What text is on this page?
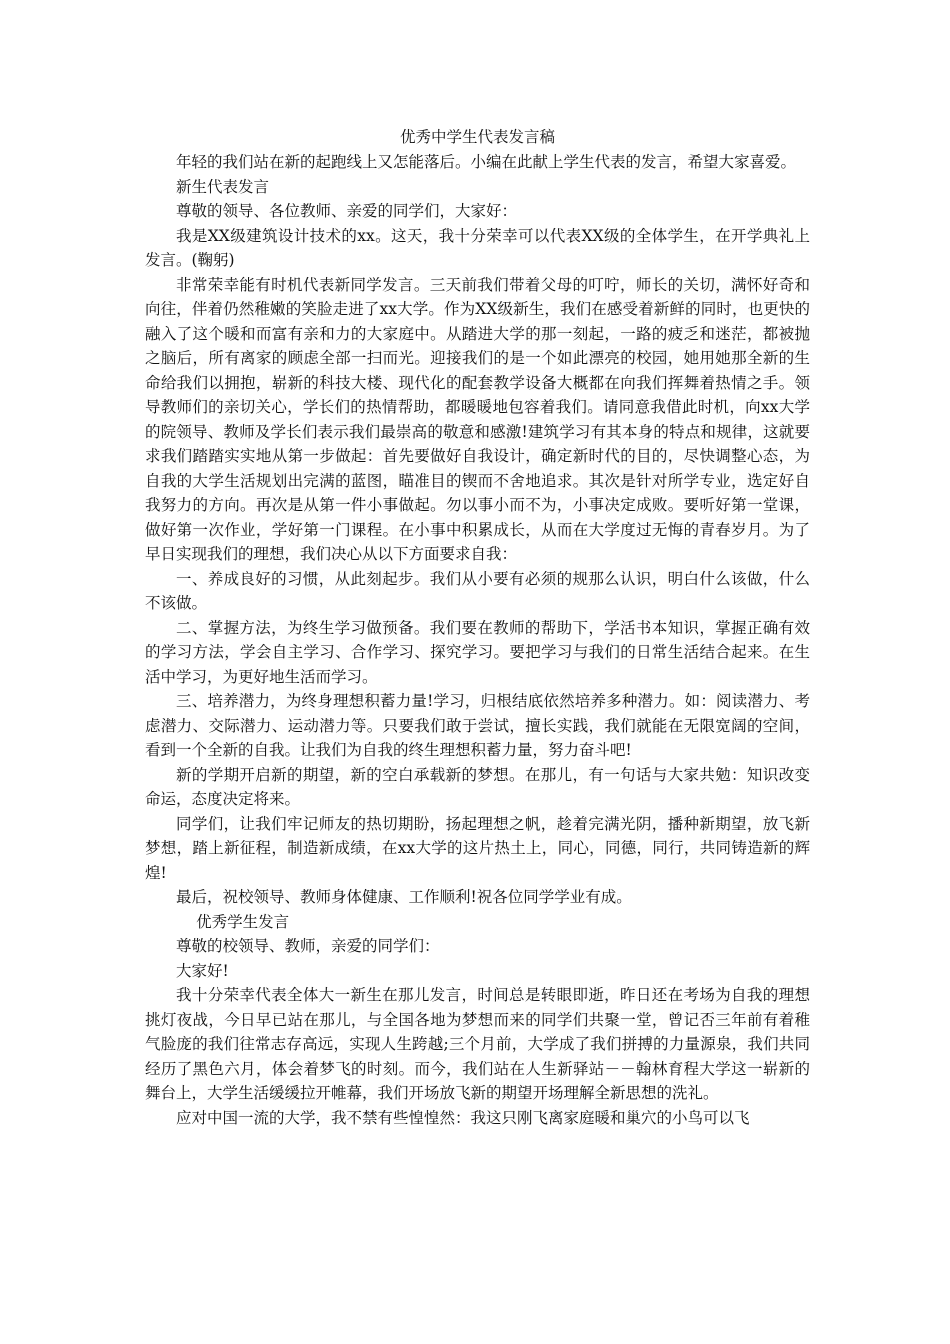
优秀中学生代表发言稿

年轻的我们站在新的起跑线上又怎能落后。小编在此献上学生代表的发言，希望大家喜爱。

新生代表发言

尊敬的领导、各位教师、亲爱的同学们，大家好：

我是XX级建筑设计技术的xx。这天，我十分荣幸可以代表XX级的全体学生，在开学典礼上发言。(鞠躬)

非常荣幸能有时机代表新同学发言。三天前我们带着父母的叮咛，师长的关切，满怀好奇和向往，伴着仍然稚嫩的笑脸走进了xx大学。作为XX级新生，我们在感受着新鲜的同时，也更快的融入了这个暖和而富有亲和力的大家庭中。从踏进大学的那一刻起，一路的疲乏和迷茫，都被抛之脑后，所有离家的顾虑全部一扫而光。迎接我们的是一个如此漂亮的校园，她用她那全新的生命给我们以拥抱，崭新的科技大楼、现代化的配套教学设备大概都在向我们挥舞着热情之手。领导教师们的亲切关心，学长们的热情帮助，都暖暖地包容着我们。请同意我借此时机，向xx大学的院领导、教师及学长们表示我们最崇高的敬意和感激!建筑学习有其本身的特点和规律，这就要求我们踏踏实实地从第一步做起：首先要做好自我设计，确定新时代的目的，尽快调整心态，为自我的大学生活规划出完满的蓝图，瞄准目的锲而不舍地追求。其次是针对所学专业，选定好自我努力的方向。再次是从第一件小事做起。勿以事小而不为，小事决定成败。要听好第一堂课，做好第一次作业，学好第一门课程。在小事中积累成长，从而在大学度过无悔的青春岁月。为了早日实现我们的理想，我们决心从以下方面要求自我：

一、养成良好的习惯，从此刻起步。我们从小要有必须的规那么认识，明白什么该做，什么不该做。

二、掌握方法，为终生学习做预备。我们要在教师的帮助下，学活书本知识，掌握正确有效的学习方法，学会自主学习、合作学习、探究学习。要把学习与我们的日常生活结合起来。在生活中学习，为更好地生活而学习。

三、培养潜力，为终身理想积蓄力量!学习，归根结底依然培养多种潜力。如：阅读潜力、考虑潜力、交际潜力、运动潜力等。只要我们敢于尝试，擅长实践，我们就能在无限宽阔的空间，看到一个全新的自我。让我们为自我的终生理想积蓄力量，努力奋斗吧!

新的学期开启新的期望，新的空白承载新的梦想。在那儿，有一句话与大家共勉：知识改变命运，态度决定将来。

同学们，让我们牢记师友的热切期盼，扬起理想之帆，趁着完满光阴，播种新期望，放飞新梦想，踏上新征程，制造新成绩，在xx大学的这片热土上，同心，同德，同行，共同铸造新的辉煌!

最后，祝校领导、教师身体健康、工作顺利!祝各位同学学业有成。

优秀学生发言

尊敬的校领导、教师，亲爱的同学们：

大家好!

我十分荣幸代表全体大一新生在那儿发言，时间总是转眼即逝，昨日还在考场为自我的理想挑灯夜战，今日早已站在那儿，与全国各地为梦想而来的同学们共聚一堂，曾记否三年前有着稚气脸庞的我们往常志存高远，实现人生跨越;三个月前，大学成了我们拼搏的力量源泉，我们共同经历了黑色六月，体会着梦飞的时刻。而今，我们站在人生新驿站－－翰林育程大学这一崭新的舞台上，大学生活缓缓拉开帷幕，我们开场放飞新的期望开场理解全新思想的洗礼。

应对中国一流的大学，我不禁有些惶惶然：我这只刚飞离家庭暖和巢穴的小鸟可以飞
